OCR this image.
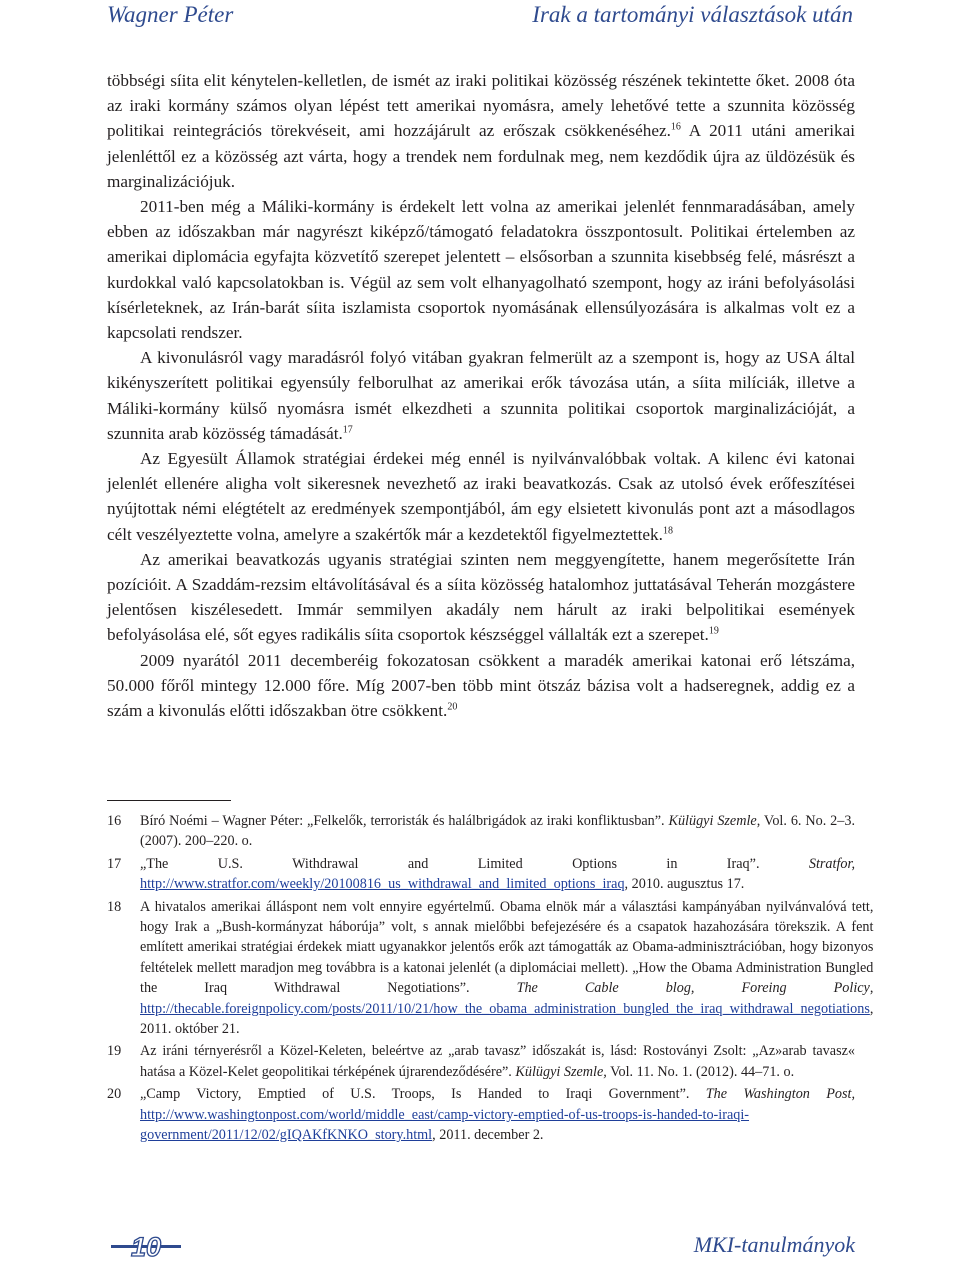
Wagner Péter	Irak a tartományi választások után

többségi síita elit kénytelen-kelletlen, de ismét az iraki politikai közösség részének tekintette őket. 2008 óta az iraki kormány számos olyan lépést tett amerikai nyomásra, amely lehetővé tette a szunnita közösség politikai reintegrációs törekvéseit, ami hozzájárult az erőszak csökkenéséhez.$^{16}$ A 2011 utáni amerikai jelenléttől ez a közösség azt várta, hogy a trendek nem fordulnak meg, nem kezdődik újra az üldözésük és marginalizációjuk.

2011-ben még a Máliki-kormány is érdekelt lett volna az amerikai jelenlét fennmaradásában, amely ebben az időszakban már nagyrészt kiképző/támogató feladatokra összpontosult. Politikai értelemben az amerikai diplomácia egyfajta közvetítő szerepet jelentett – elsősorban a szunnita kisebbség felé, másrészt a kurdokkal való kapcsolatokban is. Végül az sem volt elhanyagolható szempont, hogy az iráni befolyásolási kísérleteknek, az Irán-barát síita iszlamista csoportok nyomásának ellensúlyozására is alkalmas volt ez a kapcsolati rendszer.

A kivonulásról vagy maradásról folyó vitában gyakran felmerült az a szempont is, hogy az USA által kikényszerített politikai egyensúly felborulhat az amerikai erők távozása után, a síita milíciák, illetve a Máliki-kormány külső nyomásra ismét elkezdheti a szunnita politikai csoportok marginalizációját, a szunnita arab közösség támadását.$^{17}$

Az Egyesült Államok stratégiai érdekei még ennél is nyilvánvalóbbak voltak. A kilenc évi katonai jelenlét ellenére aligha volt sikeresnek nevezhető az iraki beavatkozás. Csak az utolsó évek erőfeszítései nyújtottak némi elégtételt az eredmények szempontjából, ám egy elsietett kivonulás pont azt a másodlagos célt veszélyeztette volna, amelyre a szakértők már a kezdetektől figyelmeztettek.$^{18}$

Az amerikai beavatkozás ugyanis stratégiai szinten nem meggyengítette, hanem megerősítette Irán pozícióit. A Szaddám-rezsim eltávolításával és a síita közösség hatalomhoz juttatásával Teherán mozgástere jelentősen kiszélesedett. Immár semmilyen akadály nem hárult az iraki belpolitikai események befolyásolása elé, sőt egyes radikális síita csoportok készséggel vállalták ezt a szerepet.$^{19}$

2009 nyarától 2011 decemberéig fokozatosan csökkent a maradék amerikai katonai erő létszáma, 50.000 főről mintegy 12.000 főre. Míg 2007-ben több mint ötszáz bázisa volt a hadseregnek, addig ez a szám a kivonulás előtti időszakban ötre csökkent.$^{20}$

16	Bíró Noémi – Wagner Péter: „Felkelők, terroristák és halálbrigádok az iraki konfliktusban”. Külügyi Szemle, Vol. 6. No. 2–3. (2007). 200–220. o.
17	„The U.S. Withdrawal and Limited Options in Iraq”. Stratfor, http://www.stratfor.com/weekly/20100816_us_withdrawal_and_limited_options_iraq, 2010. augusztus 17.
18	A hivatalos amerikai álláspont nem volt ennyire egyértelmű. Obama elnök már a választási kampányában nyilvánvalóvá tett, hogy Irak a „Bush-kormányzat háborúja” volt, s annak mielőbbi befejezésére és a csapatok hazahozására törekszik. A fent említett amerikai stratégiai érdekek miatt ugyanakkor jelentős erők azt támogatták az Obama-adminisztrációban, hogy bizonyos feltételek mellett maradjon meg továbbra is a katonai jelenlét (a diplomáciai mellett). „How the Obama Administration Bungled the Iraq Withdrawal Negotiations”. The Cable blog, Foreing Policy, http://thecable.foreignpolicy.com/posts/2011/10/21/how_the_obama_administration_bungled_the_iraq_withdrawal_negotiations, 2011. október 21.
19	Az iráni térnyerésről a Közel-Keleten, beleértve az „arab tavasz” időszakát is, lásd: Rostoványi Zsolt: „Az»arab tavasz« hatása a Közel-Kelet geopolitikai térképének újrarendeződésére”. Külügyi Szemle, Vol. 11. No. 1. (2012). 44–71. o.
20	„Camp Victory, Emptied of U.S. Troops, Is Handed to Iraqi Government”. The Washington Post, http://www.washingtonpost.com/world/middle_east/camp-victory-emptied-of-us-troops-is-handed-to-iraqi-government/2011/12/02/gIQAKfKNKO_story.html, 2011. december 2.
10	MKI-tanulmányok
